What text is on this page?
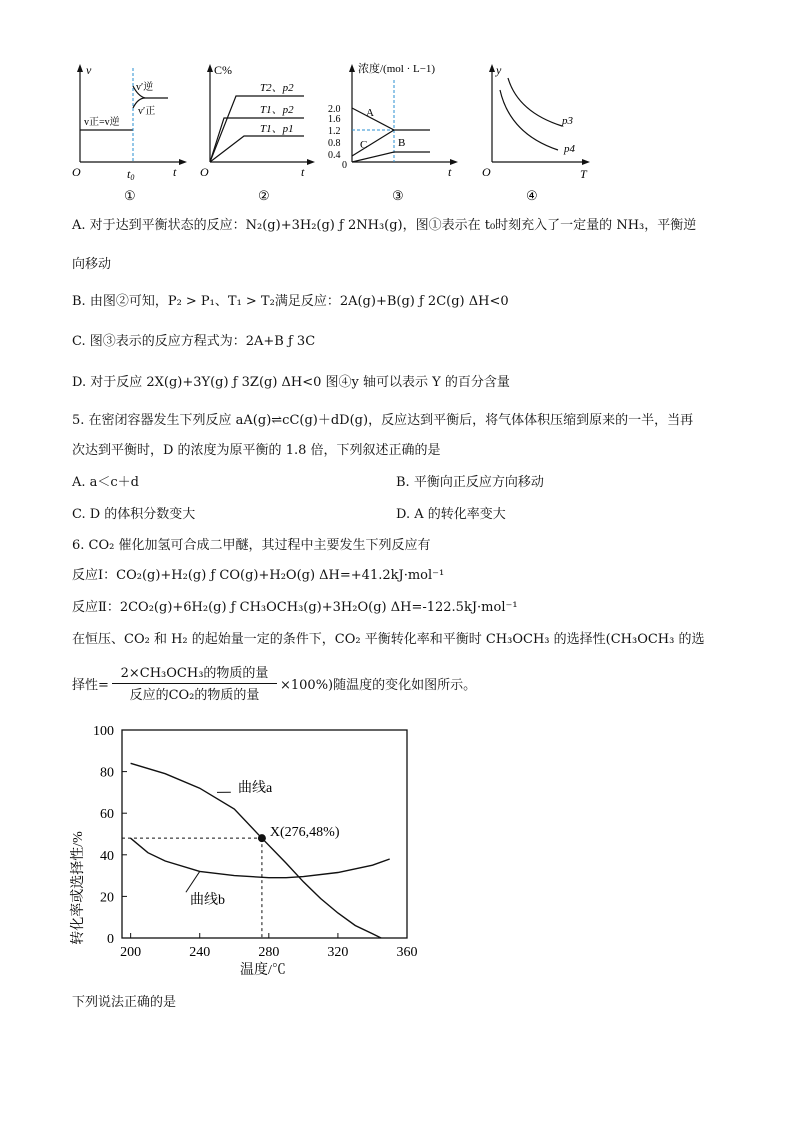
v
t
O	t0
v正=v逆
v′逆
v′正
①
C%
O	t
T2、p2
T1、p2
T1、p1
②
浓度/(mol · L−1)
2.0
1.6
1.2
0.8
0.4
0
A
B
C
t
③
y
O	T
p3
p4
④
A. 对于达到平衡状态的反应：N₂(g)+3H₂(g) ƒ 2NH₃(g)，图①表示在 t₀时刻充入了一定量的 NH₃，平衡逆
向移动
B. 由图②可知，P₂ > P₁、T₁ > T₂满足反应：2A(g)+B(g) ƒ 2C(g) ΔH<0
C. 图③表示的反应方程式为：2A+B ƒ 3C
D. 对于反应 2X(g)+3Y(g) ƒ 3Z(g) ΔH<0 图④y 轴可以表示 Y 的百分含量
5. 在密闭容器发生下列反应 aA(g)⇌cC(g)＋dD(g)，反应达到平衡后，将气体体积压缩到原来的一半，当再
次达到平衡时，D 的浓度为原平衡的 1.8 倍，下列叙述正确的是
A. a＜c＋d	B. 平衡向正反应方向移动
C. D 的体积分数变大	D. A 的转化率变大
6. CO₂ 催化加氢可合成二甲醚，其过程中主要发生下列反应有
反应Ⅰ：CO₂(g)+H₂(g) ƒ CO(g)+H₂O(g) ΔH=+41.2kJ·mol⁻¹
反应Ⅱ：2CO₂(g)+6H₂(g) ƒ CH₃OCH₃(g)+3H₂O(g) ΔH=-122.5kJ·mol⁻¹
在恒压、CO₂ 和 H₂ 的起始量一定的条件下，CO₂ 平衡转化率和平衡时 CH₃OCH₃ 的选择性(CH₃OCH₃ 的选
择性=
2×CH₃OCH₃的物质的量
反应的CO₂的物质的量
×100%)随温度的变化如图所示。
200	240	280	320	360
0
20
40
60
80
100
X(276,48%)
温度/℃
转化率或选择性/%
曲线a
曲线b
下列说法正确的是
